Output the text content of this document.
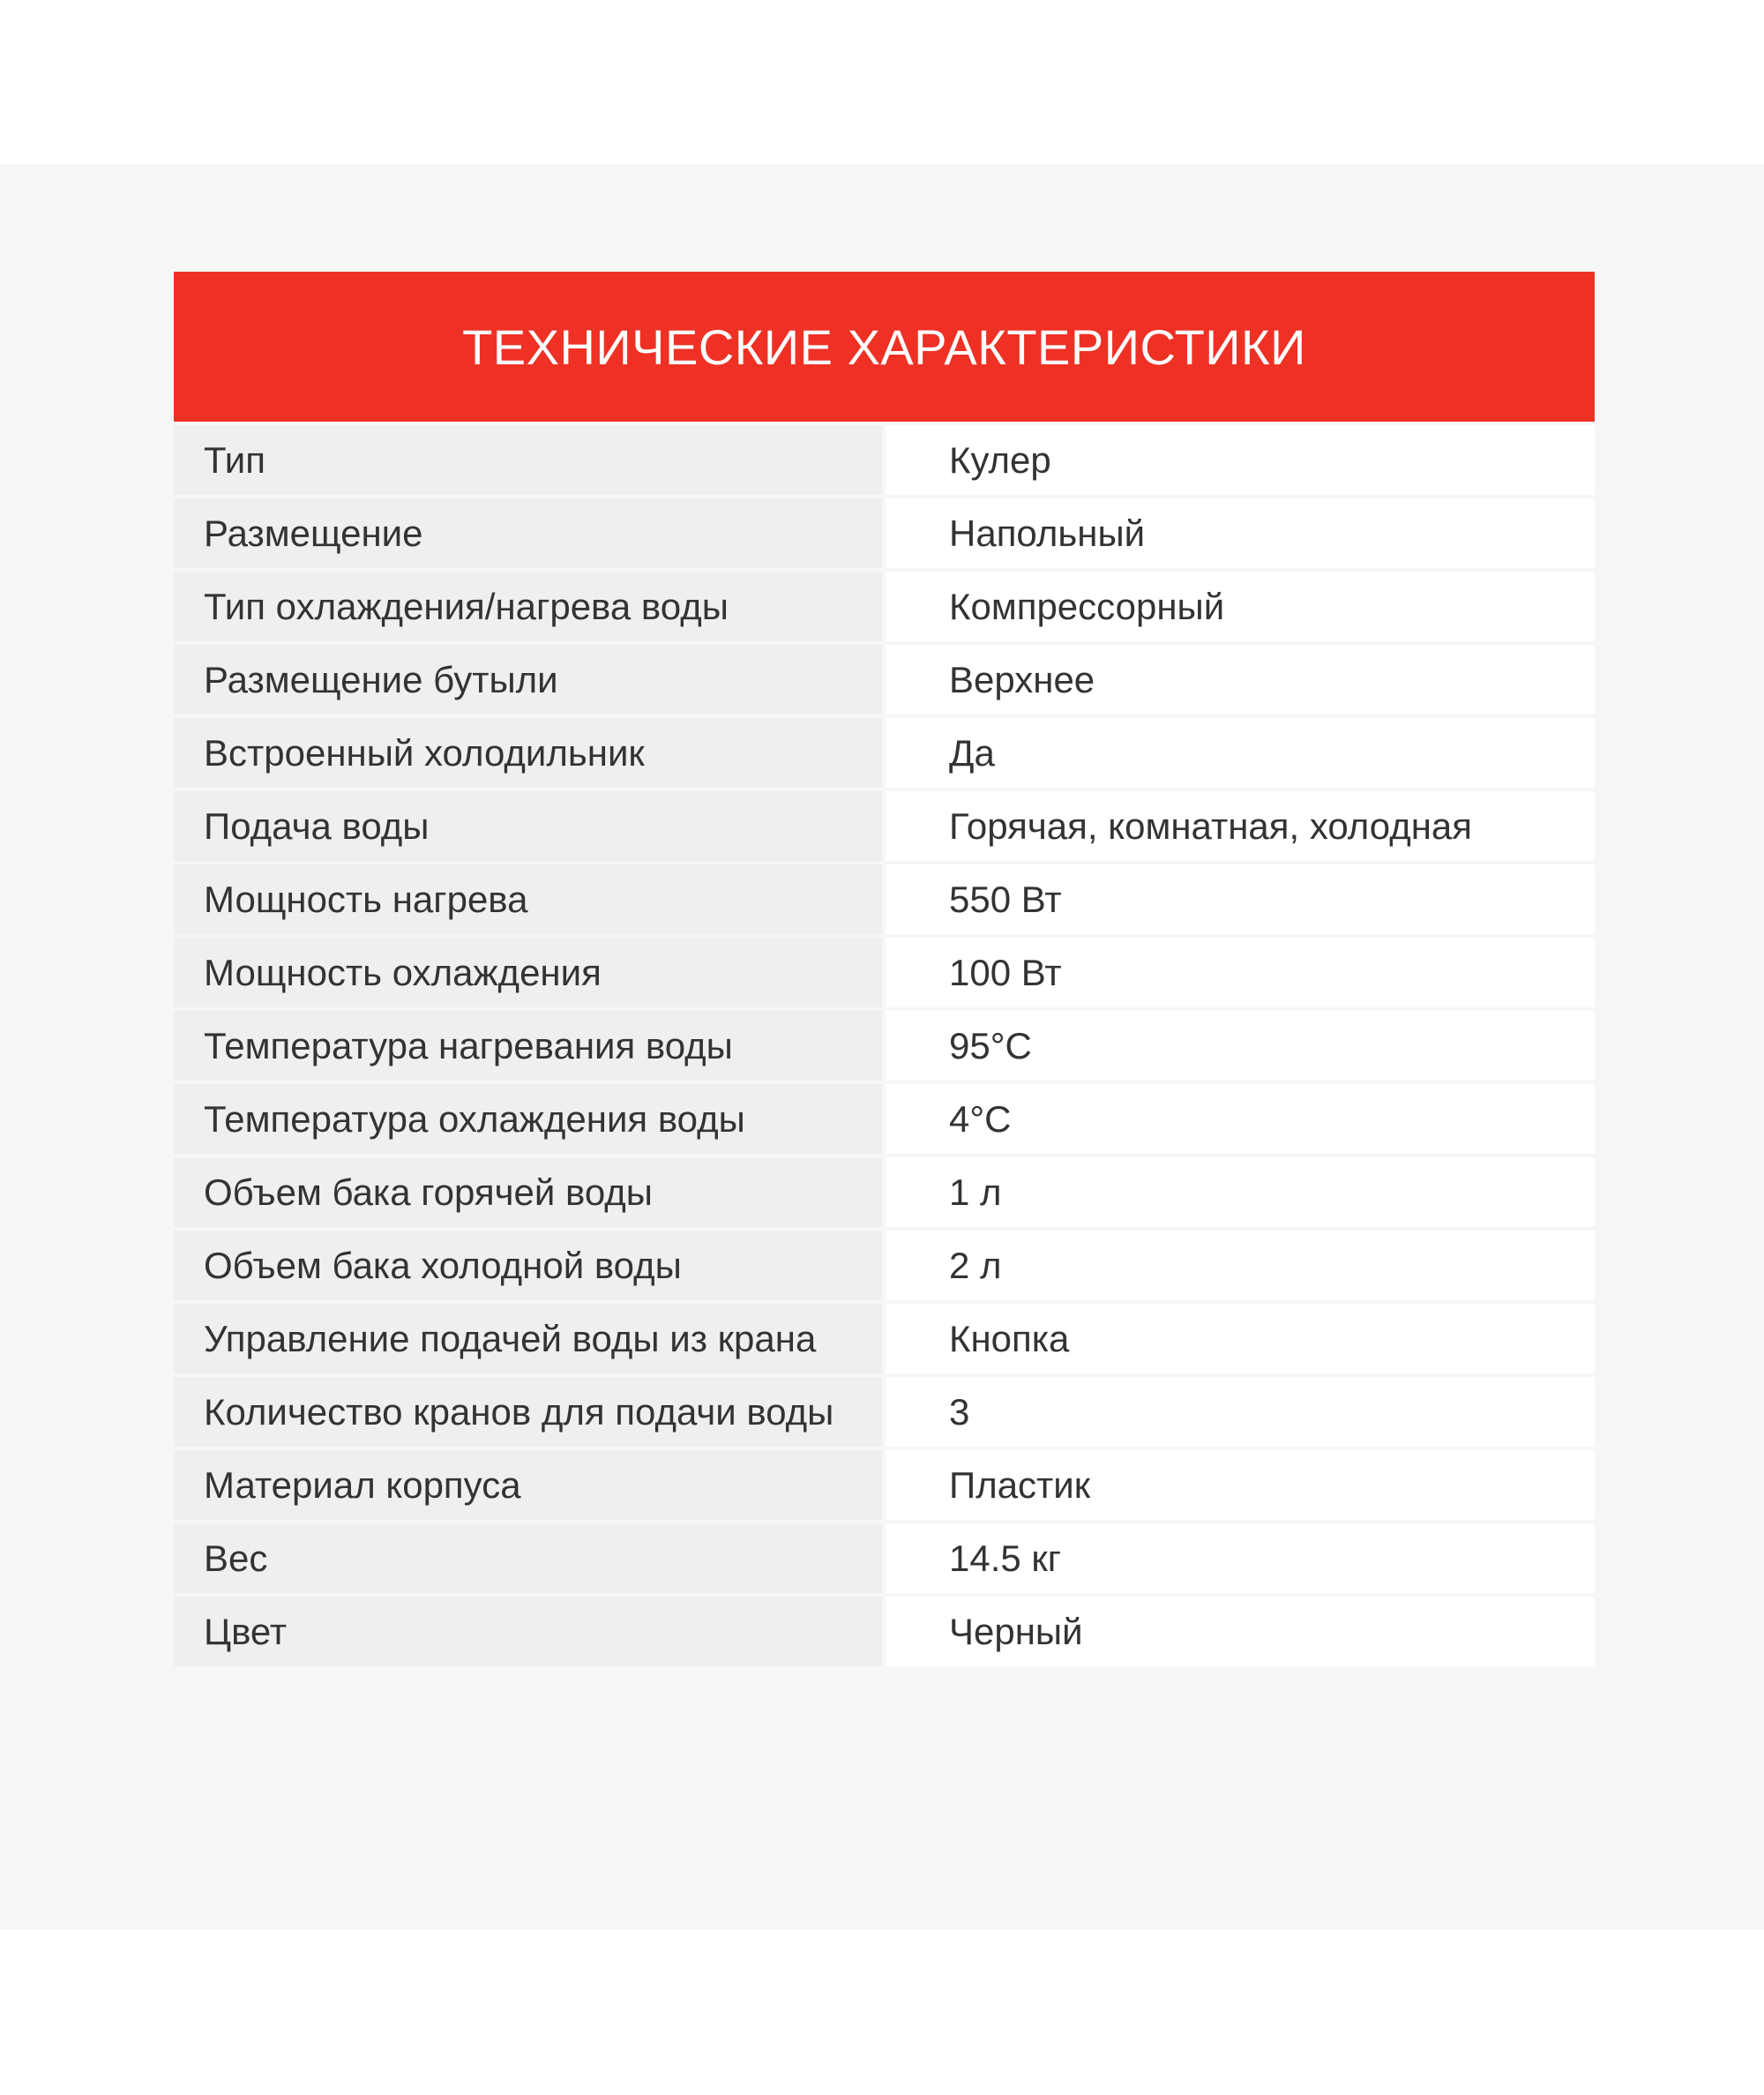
ТЕХНИЧЕСКИЕ ХАРАКТЕРИСТИКИ
Тип	Кулер
Размещение	Напольный
Тип охлаждения/нагрева воды	Компрессорный
Размещение бутыли	Верхнее
Встроенный холодильник	Да
Подача воды	Горячая, комнатная, холодная
Мощность нагрева	550 Вт
Мощность охлаждения	100 Вт
Температура нагревания воды	95°C
Температура охлаждения воды	4°C
Объем бака горячей воды	1 л
Объем бака холодной воды	2 л
Управление подачей воды из крана	Кнопка
Количество кранов для подачи воды	3
Материал корпуса	Пластик
Вес	14.5 кг
Цвет	Черный
